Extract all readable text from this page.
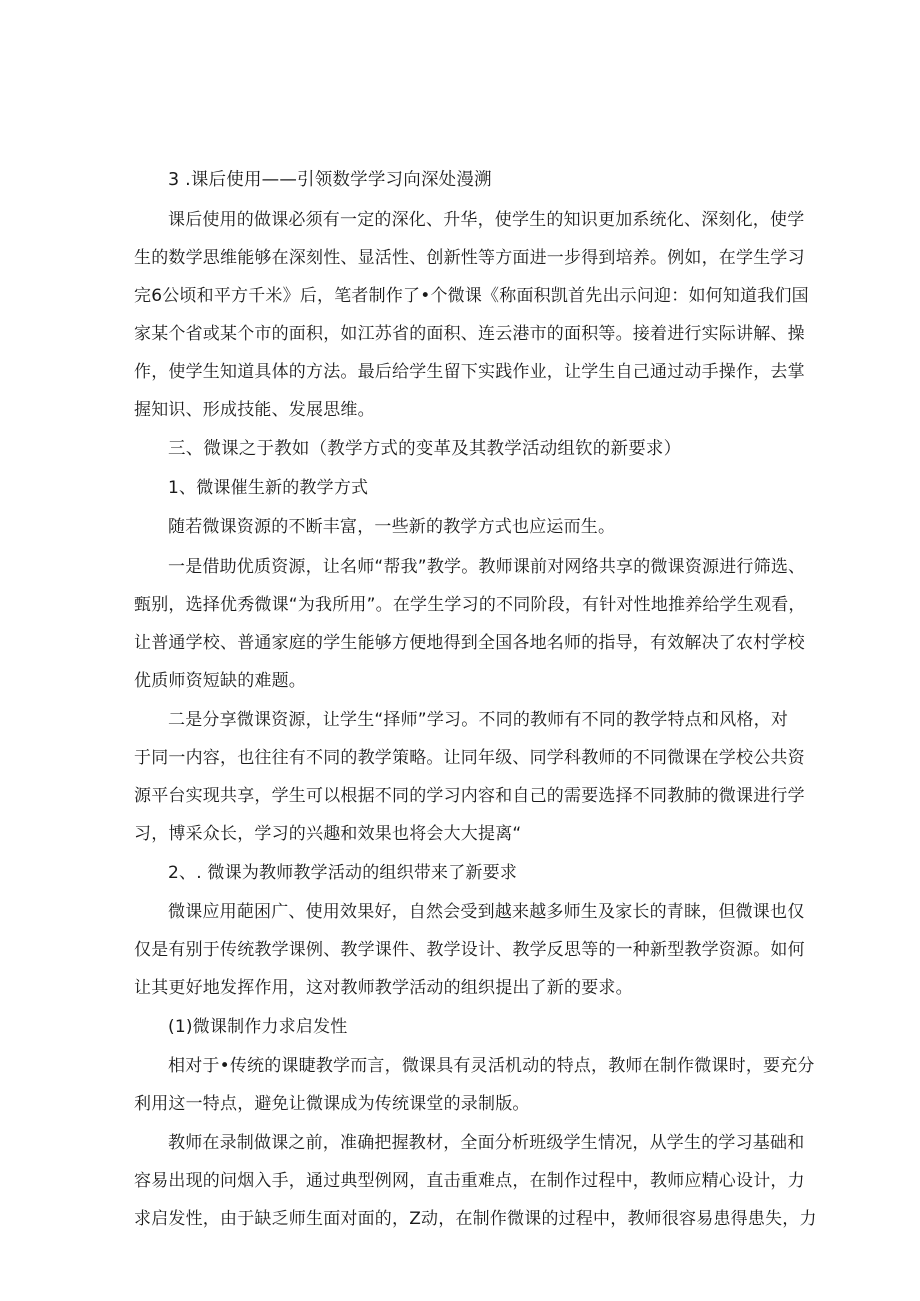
3 .课后使用——引领数学学习向深处漫溯
课后使用的做课必须有一定的深化、升华，使学生的知识更加系统化、深刻化，使学
生的数学思维能够在深刻性、显活性、创新性等方面进一步得到培养。例如，在学生学习
完6公顷和平方千米》后，笔者制作了•个微课《称面积凯首先出示问迎：如何知道我们国
家某个省或某个市的面积，如江苏省的面积、连云港市的面积等。接着进行实际讲解、操
作，使学生知道具体的方法。最后给学生留下实践作业，让学生自己通过动手操作，去掌
握知识、形成技能、发展思维。
三、微课之于教如（教学方式的变革及其教学活动组钦的新要求）
1、微课催生新的教学方式
随若微课资源的不断丰富，一些新的教学方式也应运而生。
一是借助优质资源，让名师“帮我”教学。教师课前对网络共享的微课资源进行筛选、
甄别，选择优秀微课“为我所用”。在学生学习的不同阶段，有针对性地推养给学生观看，
让普通学校、普通家庭的学生能够方便地得到全国各地名师的指导，有效解决了农村学校
优质师资短缺的难题。
二是分享微课资源，让学生“择师”学习。不同的教师有不同的教学特点和风格，对
于同一内容，也往往有不同的教学策略。让同年级、同学科教师的不同微课在学校公共资
源平台实现共享，学生可以根据不同的学习内容和自己的需要选择不同教肺的微课进行学
习，博采众长，学习的兴趣和效果也将会大大提离“
2、. 微课为教师教学活动的组织带来了新要求
微课应用葩困广、使用效果好，自然会受到越来越多师生及家长的青睐，但微课也仅
仅是有别于传统教学课例、教学课件、教学设计、教学反思等的一种新型教学资源。如何
让其更好地发挥作用，这对教师教学活动的组织提出了新的要求。
(1)微课制作力求启发性
相对于•传统的课睫教学而言，微课具有灵活机动的特点，教师在制作微课时，要充分
利用这一特点，避免让微课成为传统课堂的录制版。
教师在录制做课之前，准确把握教材，全面分析班级学生情况，从学生的学习基础和
容易出现的问烟入手，通过典型例网，直击重难点，在制作过程中，教师应精心设计，力
求启发性，由于缺乏师生面对面的，Z动，在制作微课的过程中，教师很容易患得患失，力
